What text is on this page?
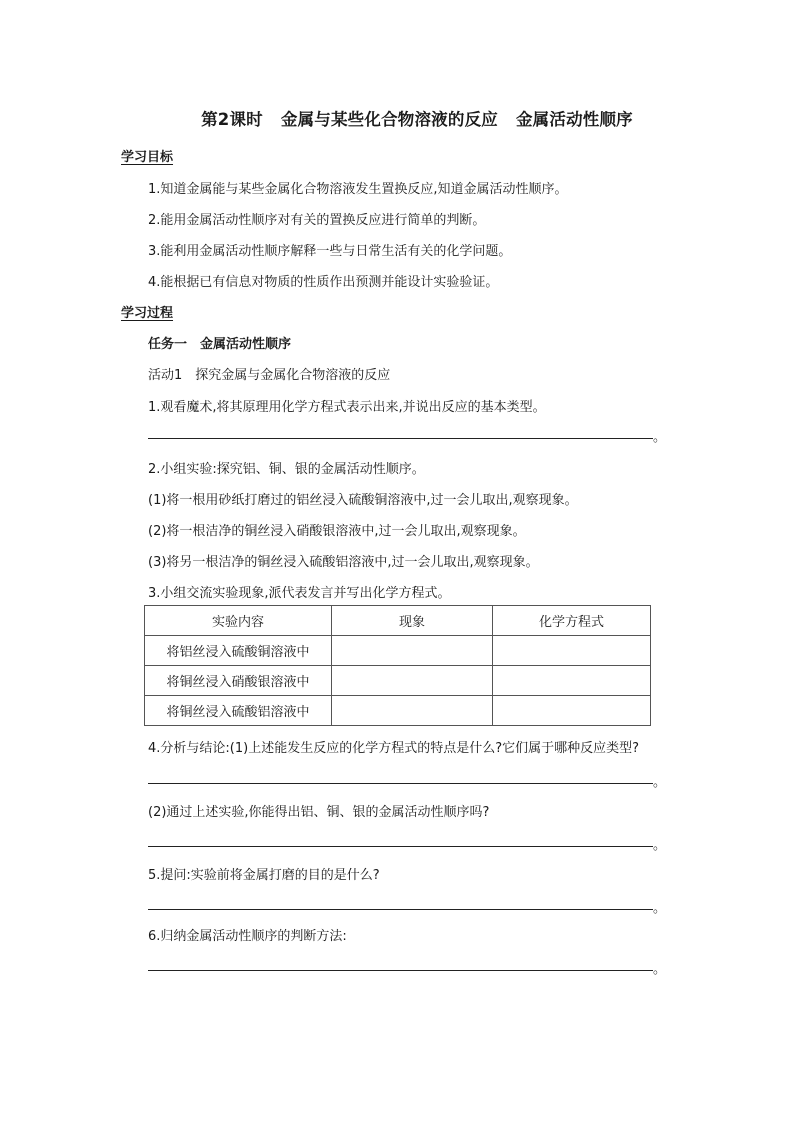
第2课时 金属与某些化合物溶液的反应 金属活动性顺序
学习目标
1.知道金属能与某些金属化合物溶液发生置换反应,知道金属活动性顺序。
2.能用金属活动性顺序对有关的置换反应进行简单的判断。
3.能利用金属活动性顺序解释一些与日常生活有关的化学问题。
4.能根据已有信息对物质的性质作出预测并能设计实验验证。
学习过程
任务一　金属活动性顺序
活动1　探究金属与金属化合物溶液的反应
1.观看魔术,将其原理用化学方程式表示出来,并说出反应的基本类型。
。
2.小组实验:探究铝、铜、银的金属活动性顺序。
(1)将一根用砂纸打磨过的铝丝浸入硫酸铜溶液中,过一会儿取出,观察现象。
(2)将一根洁净的铜丝浸入硝酸银溶液中,过一会儿取出,观察现象。
(3)将另一根洁净的铜丝浸入硫酸铝溶液中,过一会儿取出,观察现象。
3.小组交流实验现象,派代表发言并写出化学方程式。
实验内容	现象	化学方程式
将铝丝浸入硫酸铜溶液中		
将铜丝浸入硝酸银溶液中		
将铜丝浸入硫酸铝溶液中		
4.分析与结论:(1)上述能发生反应的化学方程式的特点是什么?它们属于哪种反应类型?
。
(2)通过上述实验,你能得出铝、铜、银的金属活动性顺序吗?
。
5.提问:实验前将金属打磨的目的是什么?
。
6.归纳金属活动性顺序的判断方法:
。
